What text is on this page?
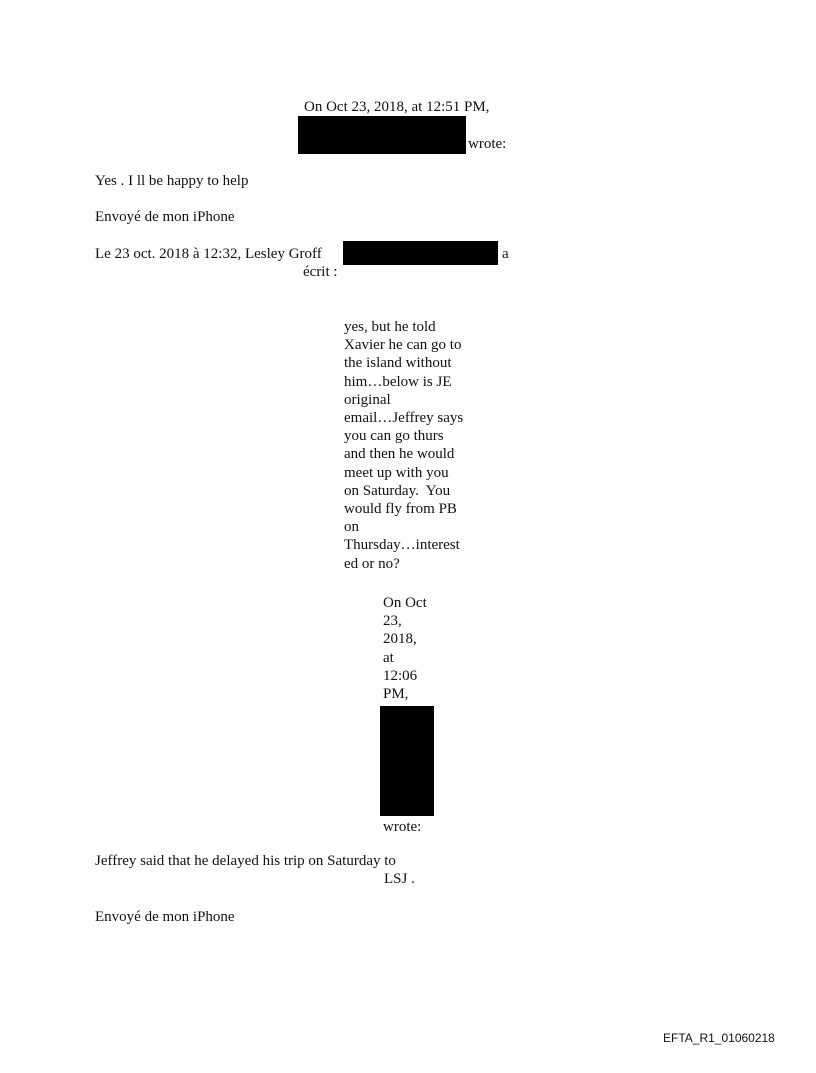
On Oct 23, 2018, at 12:51 PM,
wrote:
Yes . I ll be happy to help
Envoyé de mon iPhone
Le 23 oct. 2018 à 12:32, Lesley Groff	a
écrit :
yes, but he told
Xavier he can go to
the island without
him…below is JE
original
email…Jeffrey says
you can go thurs
and then he would
meet up with you
on Saturday.  You
would fly from PB
on
Thursday…interest
ed or no?
On Oct
23,
2018,
at
12:06
PM,
wrote:
Jeffrey said that he delayed his trip on Saturday to
LSJ .
Envoyé de mon iPhone
EFTA_R1_01060218
